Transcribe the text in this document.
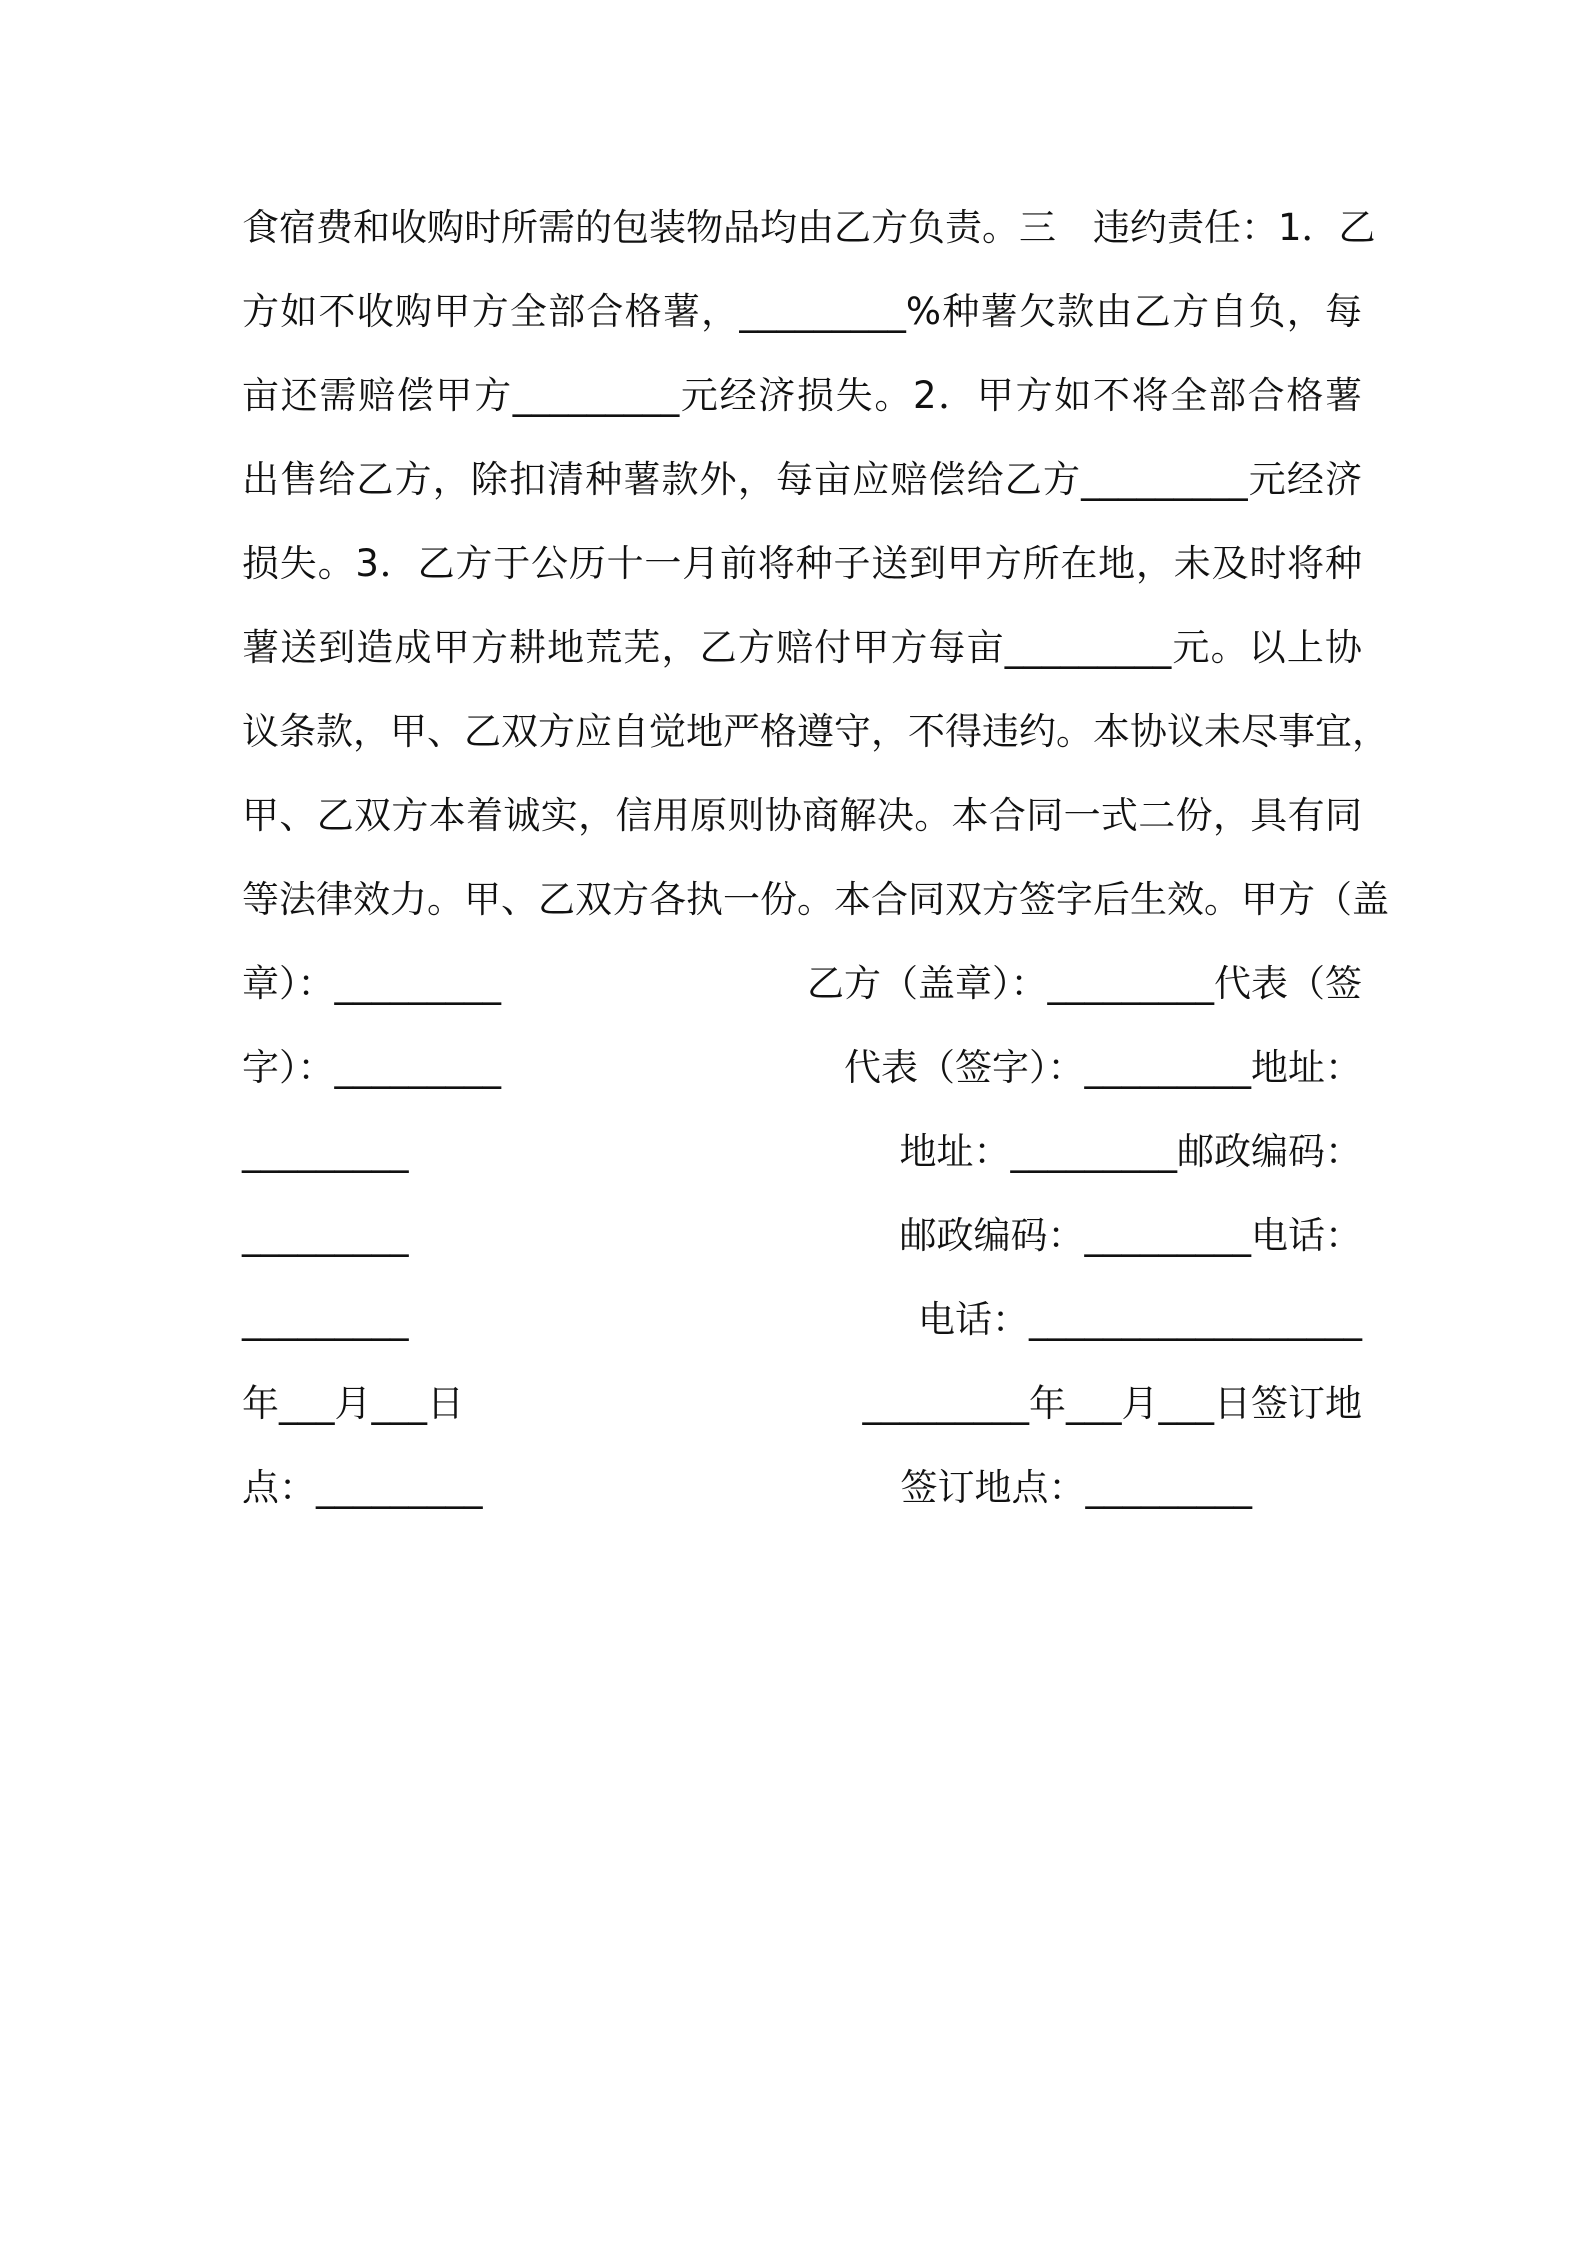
食宿费和收购时所需的包装物品均由乙方负责。三　违约责任：1．乙
方如不收购甲方全部合格薯，_________%种薯欠款由乙方自负，每
亩还需赔偿甲方_________元经济损失。2．甲方如不将全部合格薯
出售给乙方，除扣清种薯款外，每亩应赔偿给乙方_________元经济
损失。3．乙方于公历十一月前将种子送到甲方所在地，未及时将种
薯送到造成甲方耕地荒芜，乙方赔付甲方每亩_________元。以上协
议条款，甲、乙双方应自觉地严格遵守，不得违约。本协议未尽事宜，
甲、乙双方本着诚实，信用原则协商解决。本合同一式二份，具有同
等法律效力。甲、乙双方各执一份。本合同双方签字后生效。甲方（盖
章）：_________	乙方（盖章）：_________代表（签
字）：_________	代表（签字）：_________地址：
_________	地址：_________邮政编码：
_________	邮政编码：_________电话：
_________	电话：__________________
年___月___日	_________年___月___日签订地
点：_________	签订地点：_________
